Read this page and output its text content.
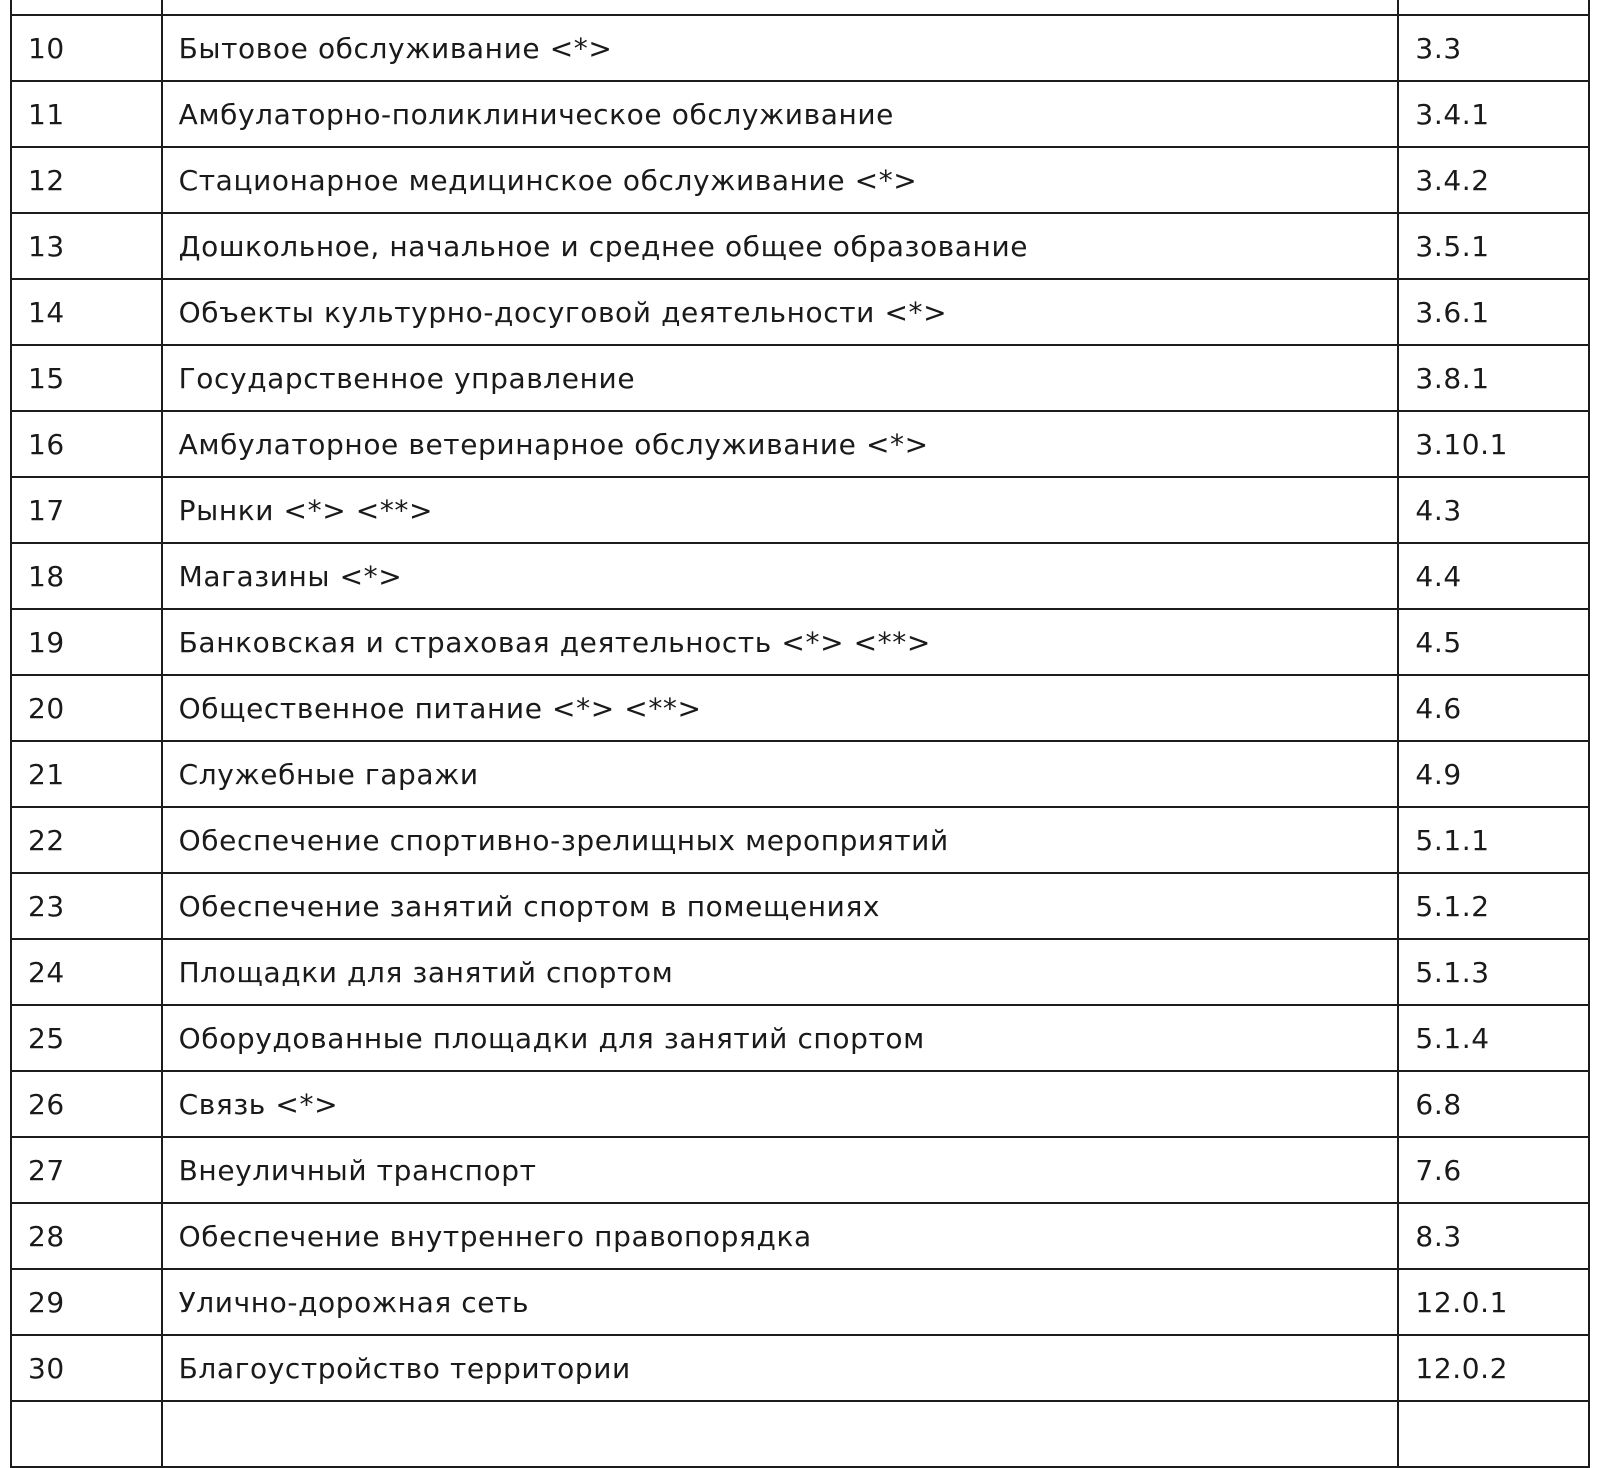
10	Бытовое обслуживание <*>	3.3
11	Амбулаторно-поликлиническое обслуживание	3.4.1
12	Стационарное медицинское обслуживание <*>	3.4.2
13	Дошкольное, начальное и среднее общее образование	3.5.1
14	Объекты культурно-досуговой деятельности <*>	3.6.1
15	Государственное управление	3.8.1
16	Амбулаторное ветеринарное обслуживание <*>	3.10.1
17	Рынки <*> <**>	4.3
18	Магазины <*>	4.4
19	Банковская и страховая деятельность <*> <**>	4.5
20	Общественное питание <*> <**>	4.6
21	Служебные гаражи	4.9
22	Обеспечение спортивно-зрелищных мероприятий	5.1.1
23	Обеспечение занятий спортом в помещениях	5.1.2
24	Площадки для занятий спортом	5.1.3
25	Оборудованные площадки для занятий спортом	5.1.4
26	Связь <*>	6.8
27	Внеуличный транспорт	7.6
28	Обеспечение внутреннего правопорядка	8.3
29	Улично-дорожная сеть	12.0.1
30	Благоустройство территории	12.0.2
